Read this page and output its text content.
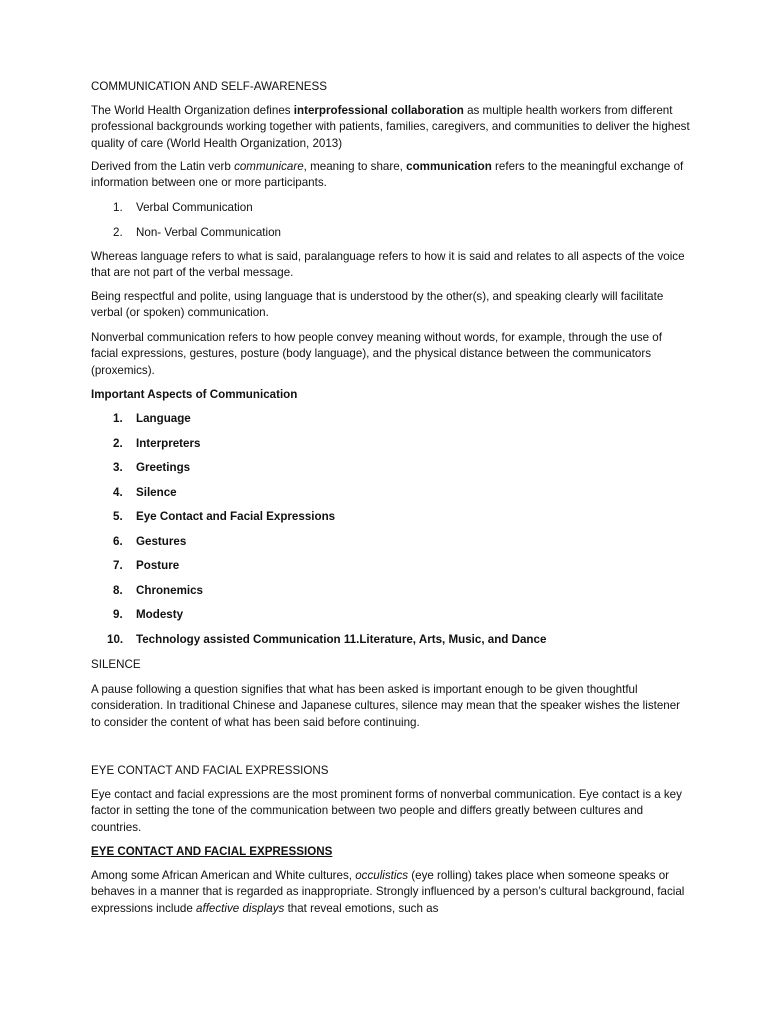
COMMUNICATION AND SELF-AWARENESS

The World Health Organization defines interprofessional collaboration as multiple health workers from different professional backgrounds working together with patients, families, caregivers, and communities to deliver the highest quality of care (World Health Organization, 2013)

Derived from the Latin verb communicare, meaning to share, communication refers to the meaningful exchange of information between one or more participants.

1. Verbal Communication
2. Non- Verbal Communication

Whereas language refers to what is said, paralanguage refers to how it is said and relates to all aspects of the voice that are not part of the verbal message.

Being respectful and polite, using language that is understood by the other(s), and speaking clearly will facilitate verbal (or spoken) communication.

Nonverbal communication refers to how people convey meaning without words, for example, through the use of facial expressions, gestures, posture (body language), and the physical distance between the communicators (proxemics).

Important Aspects of Communication

1. Language
2. Interpreters
3. Greetings
4. Silence
5. Eye Contact and Facial Expressions
6. Gestures
7. Posture
8. Chronemics
9. Modesty
10. Technology assisted Communication 11.Literature, Arts, Music, and Dance

SILENCE

A pause following a question signifies that what has been asked is important enough to be given thoughtful consideration. In traditional Chinese and Japanese cultures, silence may mean that the speaker wishes the listener to consider the content of what has been said before continuing.

EYE CONTACT AND FACIAL EXPRESSIONS

Eye contact and facial expressions are the most prominent forms of nonverbal communication. Eye contact is a key factor in setting the tone of the communication between two people and differs greatly between cultures and countries.

EYE CONTACT AND FACIAL EXPRESSIONS

Among some African American and White cultures, occulistics (eye rolling) takes place when someone speaks or behaves in a manner that is regarded as inappropriate. Strongly influenced by a person’s cultural background, facial expressions include affective displays that reveal emotions, such as
